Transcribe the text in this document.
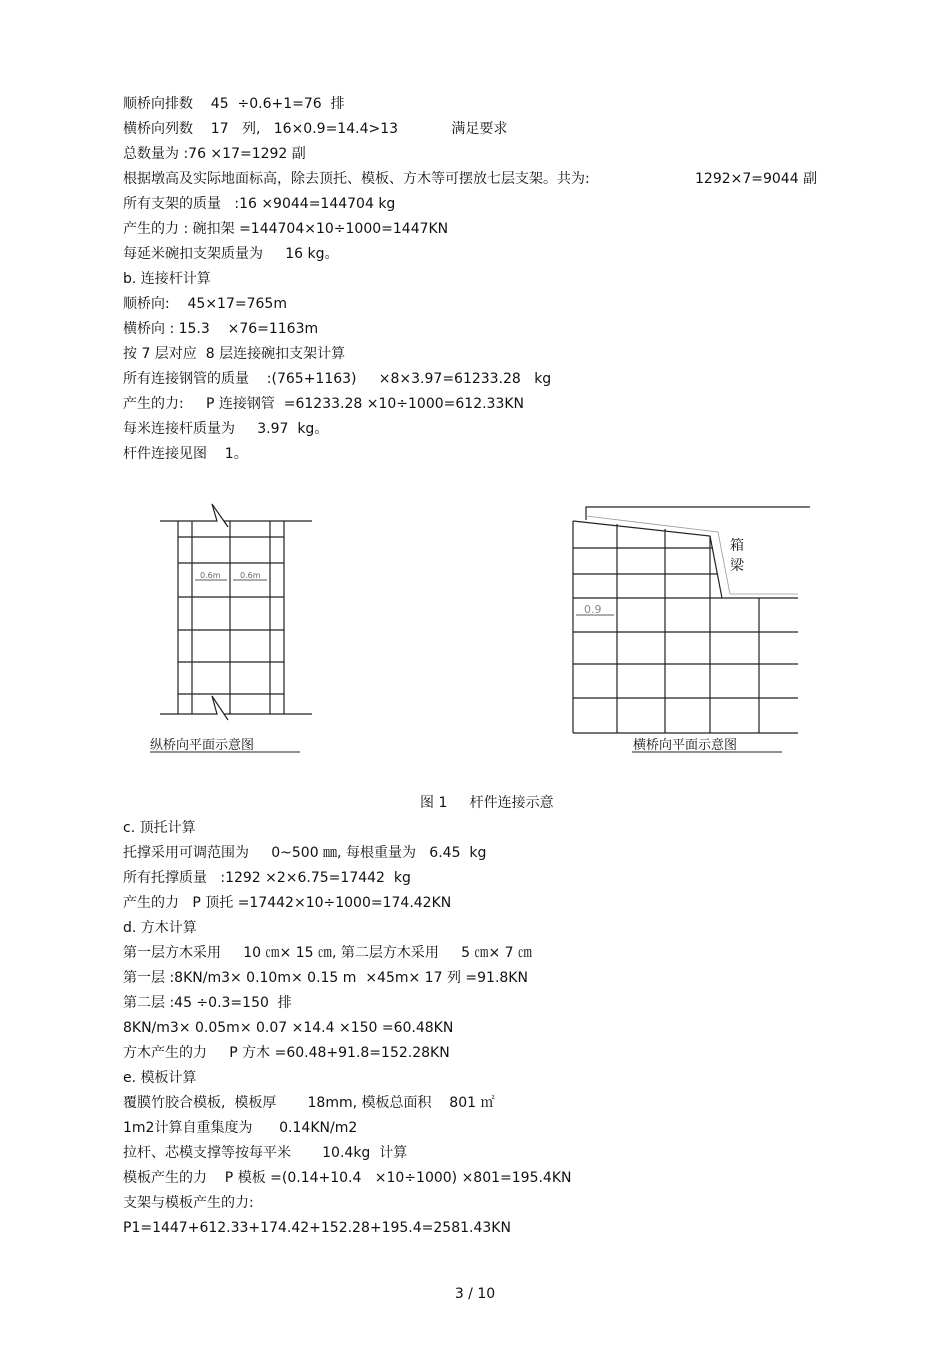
顺桥向排数    45  ÷0.6+1=76  排
横桥向列数    17   列,   16×0.9=14.4>13            满足要求
总数量为 :76 ×17=1292 副
根据墩高及实际地面标高，除去顶托、模板、方木等可摆放七层支架。共为:	1292×7=9044 副
所有支架的质量   :16 ×9044=144704 kg
产生的力 : 碗扣架 =144704×10÷1000=1447KN
每延米碗扣支架质量为     16 kg。
b. 连接杆计算
顺桥向:    45×17=765m
横桥向 : 15.3    ×76=1163m
按 7 层对应  8 层连接碗扣支架计算
所有连接钢管的质量    :(765+1163)     ×8×3.97=61233.28   kg
产生的力:     P 连接钢管  =61233.28 ×10÷1000=612.33KN
每米连接杆质量为     3.97  kg。
杆件连接见图    1。
0.6m 0.6m
0.9
箱
梁
纵桥向平面示意图	横桥向平面示意图
图 1     杆件连接示意
c. 顶托计算
托撑采用可调范围为     0~500 ㎜, 每根重量为   6.45  kg
所有托撑质量   :1292 ×2×6.75=17442  kg
产生的力   P 顶托 =17442×10÷1000=174.42KN
d. 方木计算
第一层方木采用     10 ㎝× 15 ㎝, 第二层方木采用     5 ㎝× 7 ㎝
第一层 :8KN/m3× 0.10m× 0.15 m  ×45m× 17 列 =91.8KN
第二层 :45 ÷0.3=150  排
8KN/m3× 0.05m× 0.07 ×14.4 ×150 =60.48KN
方木产生的力     P 方木 =60.48+91.8=152.28KN
e. 模板计算
覆膜竹胶合模板,  模板厚       18mm, 模板总面积    801 ㎡
1m2计算自重集度为      0.14KN/m2
拉杆、芯模支撑等按每平米       10.4kg  计算
模板产生的力    P 模板 =(0.14+10.4   ×10÷1000) ×801=195.4KN
支架与模板产生的力:
P1=1447+612.33+174.42+152.28+195.4=2581.43KN
3 / 10
